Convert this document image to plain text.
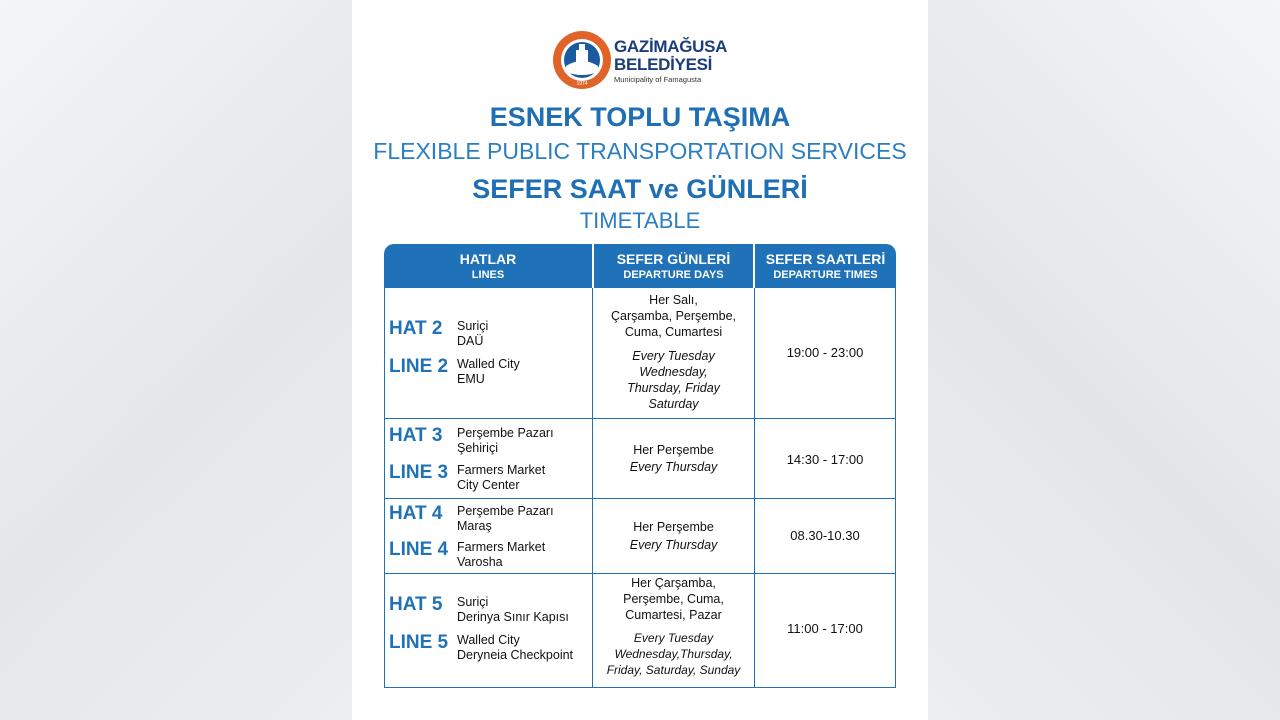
1974
GAZİMAĞUSA
BELEDİYESİ
Municipality of Famagusta
ESNEK TOPLU TAŞIMA
FLEXIBLE PUBLIC TRANSPORTATION SERVICES
SEFER SAAT ve GÜNLERİ
TIMETABLE
HATLAR
LINES
SEFER GÜNLERİ
DEPARTURE DAYS
SEFER SAATLERİ
DEPARTURE TIMES
HAT 2 Suriçi
DAÜ
LINE 2 Walled City
EMU
Her Salı,
Çarşamba, Perşembe,
Cuma, Cumartesi
Every Tuesday
Wednesday,
Thursday, Friday
Saturday
19:00 - 23:00
HAT 3 Perşembe Pazarı
Şehiriçi
LINE 3 Farmers Market
City Center
Her Perşembe
Every Thursday	14:30 - 17:00
HAT 4 Perşembe Pazarı
Maraş
LINE 4 Farmers Market
Varosha
Her Perşembe
Every Thursday
08.30-10.30
HAT 5 Suriçi
Derinya Sınır Kapısı
LINE 5 Walled City
Deryneia Checkpoint
Her Çarşamba,
Perşembe, Cuma,
Cumartesi, Pazar
Every Tuesday
Wednesday,Thursday,
Friday, Saturday, Sunday
11:00 - 17:00
